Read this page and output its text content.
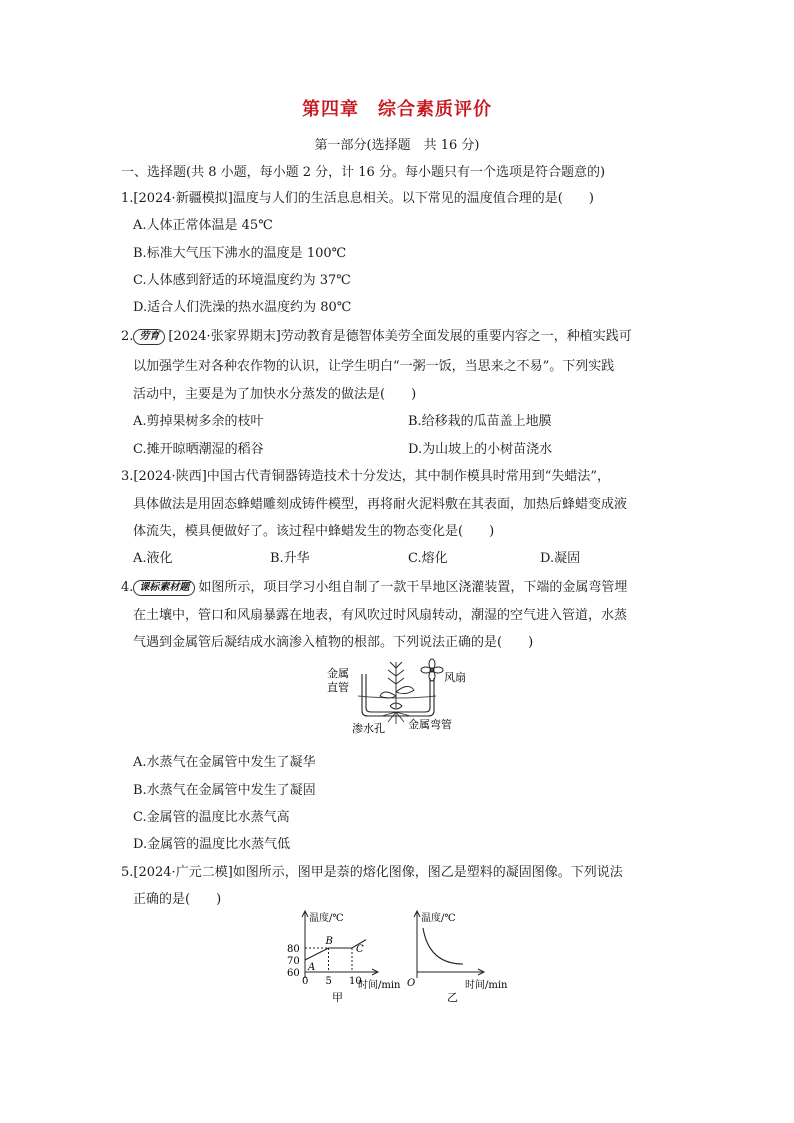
第四章　综合素质评价
第一部分(选择题　共 16 分)
一、选择题(共 8 小题，每小题 2 分，计 16 分。每小题只有一个选项是符合题意的)
1.[2024·新疆模拟]温度与人们的生活息息相关。以下常见的温度值合理的是(　　)
A.人体正常体温是 45℃
B.标准大气压下沸水的温度是 100℃
C.人体感到舒适的环境温度约为 37℃
D.适合人们洗澡的热水温度约为 80℃
2. 劳育 [2024·张家界期末]劳动教育是德智体美劳全面发展的重要内容之一，种植实践可
以加强学生对各种农作物的认识，让学生明白“一粥一饭，当思来之不易”。下列实践
活动中，主要是为了加快水分蒸发的做法是(　　)
A.剪掉果树多余的枝叶	B.给移栽的瓜苗盖上地膜
C.摊开晾晒潮湿的稻谷	D.为山坡上的小树苗浇水
3.[2024·陕西]中国古代青铜器铸造技术十分发达，其中制作模具时常用到“失蜡法”，
具体做法是用固态蜂蜡雕刻成铸件模型，再将耐火泥料敷在其表面，加热后蜂蜡变成液
体流失，模具便做好了。该过程中蜂蜡发生的物态变化是(　　)
A.液化	B.升华	C.熔化	D.凝固
4. 课标素材题 如图所示，项目学习小组自制了一款干旱地区浇灌装置，下端的金属弯管埋
在土壤中，管口和风扇暴露在地表，有风吹过时风扇转动，潮湿的空气进入管道，水蒸
气遇到金属管后凝结成水滴渗入植物的根部。下列说法正确的是(　　)
金属
直管
风扇
渗水孔 金属弯管
A.水蒸气在金属管中发生了凝华
B.水蒸气在金属管中发生了凝固
C.金属管的温度比水蒸气高
D.金属管的温度比水蒸气低
5.[2024·广元二模]如图所示，图甲是萘的熔化图像，图乙是塑料的凝固图像。下列说法
正确的是(　　)
温度/℃
时间/min
甲
60
70
80
0 5 10
A
B
C
温度/℃
时间/min
O
乙
